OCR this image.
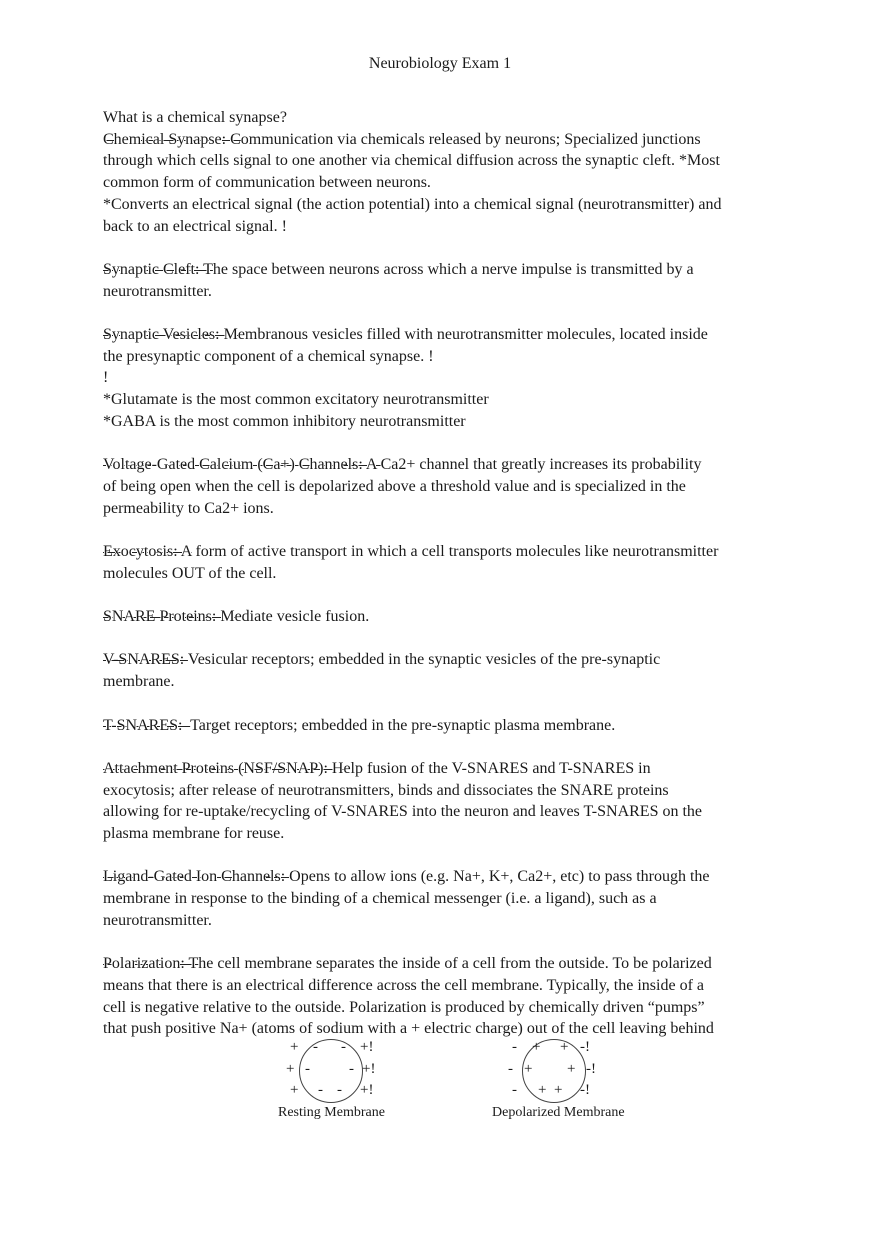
Neurobiology Exam 1

What is a chemical synapse?
Chemical Synapse: Communication via chemicals released by neurons; Specialized junctions
through which cells signal to one another via chemical diffusion across the synaptic cleft. *Most
common form of communication between neurons.
*Converts an electrical signal (the action potential) into a chemical signal (neurotransmitter) and
back to an electrical signal. !

Synaptic Cleft: The space between neurons across which a nerve impulse is transmitted by a
neurotransmitter.

Synaptic Vesicles: Membranous vesicles filled with neurotransmitter molecules, located inside
the presynaptic component of a chemical synapse. !
!
*Glutamate is the most common excitatory neurotransmitter
*GABA is the most common inhibitory neurotransmitter

Voltage-Gated Calcium (Ca+) Channels: A Ca2+ channel that greatly increases its probability
of being open when the cell is depolarized above a threshold value and is specialized in the
permeability to Ca2+ ions.

Exocytosis: A form of active transport in which a cell transports molecules like neurotransmitter
molecules OUT of the cell.

SNARE Proteins: Mediate vesicle fusion.

V-SNARES: Vesicular receptors; embedded in the synaptic vesicles of the pre-synaptic
membrane.

T-SNARES:  Target receptors; embedded in the pre-synaptic plasma membrane.

Attachment Proteins (NSF/SNAP): Help fusion of the V-SNARES and T-SNARES in
exocytosis; after release of neurotransmitters, binds and dissociates the SNARE proteins
allowing for re-uptake/recycling of V-SNARES into the neuron and leaves T-SNARES on the
plasma membrane for reuse.

Ligand-Gated Ion Channels: Opens to allow ions (e.g. Na+, K+, Ca2+, etc) to pass through the
membrane in response to the binding of a chemical messenger (i.e. a ligand), such as a
neurotransmitter.

Polarization: The cell membrane separates the inside of a cell from the outside. To be polarized
means that there is an electrical difference across the cell membrane. Typically, the inside of a
cell is negative relative to the outside. Polarization is produced by chemically driven “pumps”
that push positive Na+ (atoms of sodium with a + electric charge) out of the cell leaving behind

+ - - +!
+ -	- +!
+ - - +!
Resting Membrane
- + + -!
- + + -!
- + + -!
Depolarized Membrane
